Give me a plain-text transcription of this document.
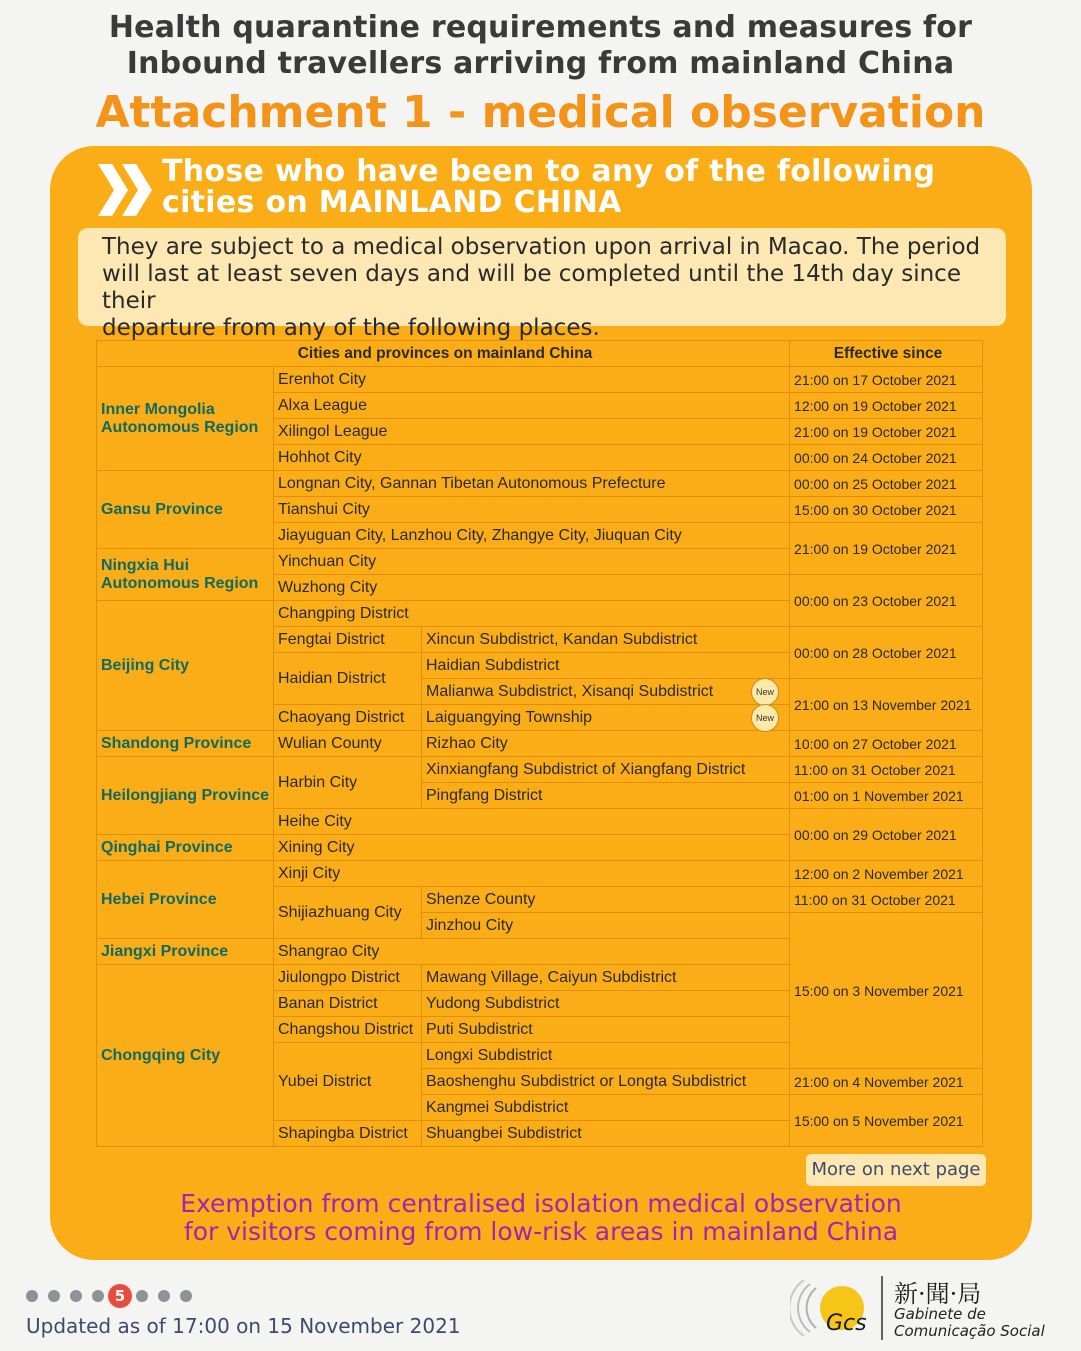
Health quarantine requirements and measures for
Inbound travellers arriving from mainland China
Attachment 1 - medical observation
Those who have been to any of the following
cities on MAINLAND CHINA
They are subject to a medical observation upon arrival in Macao. The period
will last at least seven days and will be completed until the 14th day since their
departure from any of the following places.
Cities and provinces on mainland China			Effective since

Inner Mongolia
Autonomous Region	Erenhot City		21:00 on 17 October 2021
	Alxa League		12:00 on 19 October 2021
	Xilingol League		21:00 on 19 October 2021
	Hohhot City		00:00 on 24 October 2021
Gansu Province	Longnan City, Gannan Tibetan Autonomous Prefecture		00:00 on 25 October 2021
	Tianshui City		15:00 on 30 October 2021
	Jiayuguan City, Lanzhou City, Zhangye City, Jiuquan City		21:00 on 19 October 2021

Ningxia Hui
Autonomous Region	Yinchuan City		
	Wuzhong City		00:00 on 23 October 2021
Beijing City	Changping District		
	Fengtai District	Xincun Subdistrict, Kandan Subdistrict	00:00 on 28 October 2021
	Haidian District	Haidian Subdistrict	
		Malianwa Subdistrict, Xisanqi Subdistrict New	21:00 on 13 November 2021
	Chaoyang District	Laiguangying Township New	

Shandong Province	Wulian County	Rizhao City	10:00 on 27 October 2021
Heilongjiang Province	Harbin City	Xinxiangfang Subdistrict of Xiangfang District	11:00 on 31 October 2021
		Pingfang District	01:00 on 1 November 2021
	Heihe City		00:00 on 29 October 2021
Qinghai Province	Xining City		
Hebei Province	Xinji City		12:00 on 2 November 2021
	Shijiazhuang City	Shenze County	11:00 on 31 October 2021
		Jinzhou City	15:00 on 3 November 2021
Jiangxi Province	Shangrao City		
Chongqing City	Jiulongpo District	Mawang Village, Caiyun Subdistrict	
	Banan District	Yudong Subdistrict	
	Changshou District	Puti Subdistrict	
	Yubei District	Longxi Subdistrict	
		Baoshenghu Subdistrict or Longta Subdistrict	21:00 on 4 November 2021
		Kangmei Subdistrict	15:00 on 5 November 2021
	Shapingba District	Shuangbei Subdistrict	
More on next page
Exemption from centralised isolation medical observation
for visitors coming from low-risk areas in mainland China
5
Updated as of 17:00 on 15 November 2021	Gcs
新·聞·局
Gabinete de
Comunicação Social
